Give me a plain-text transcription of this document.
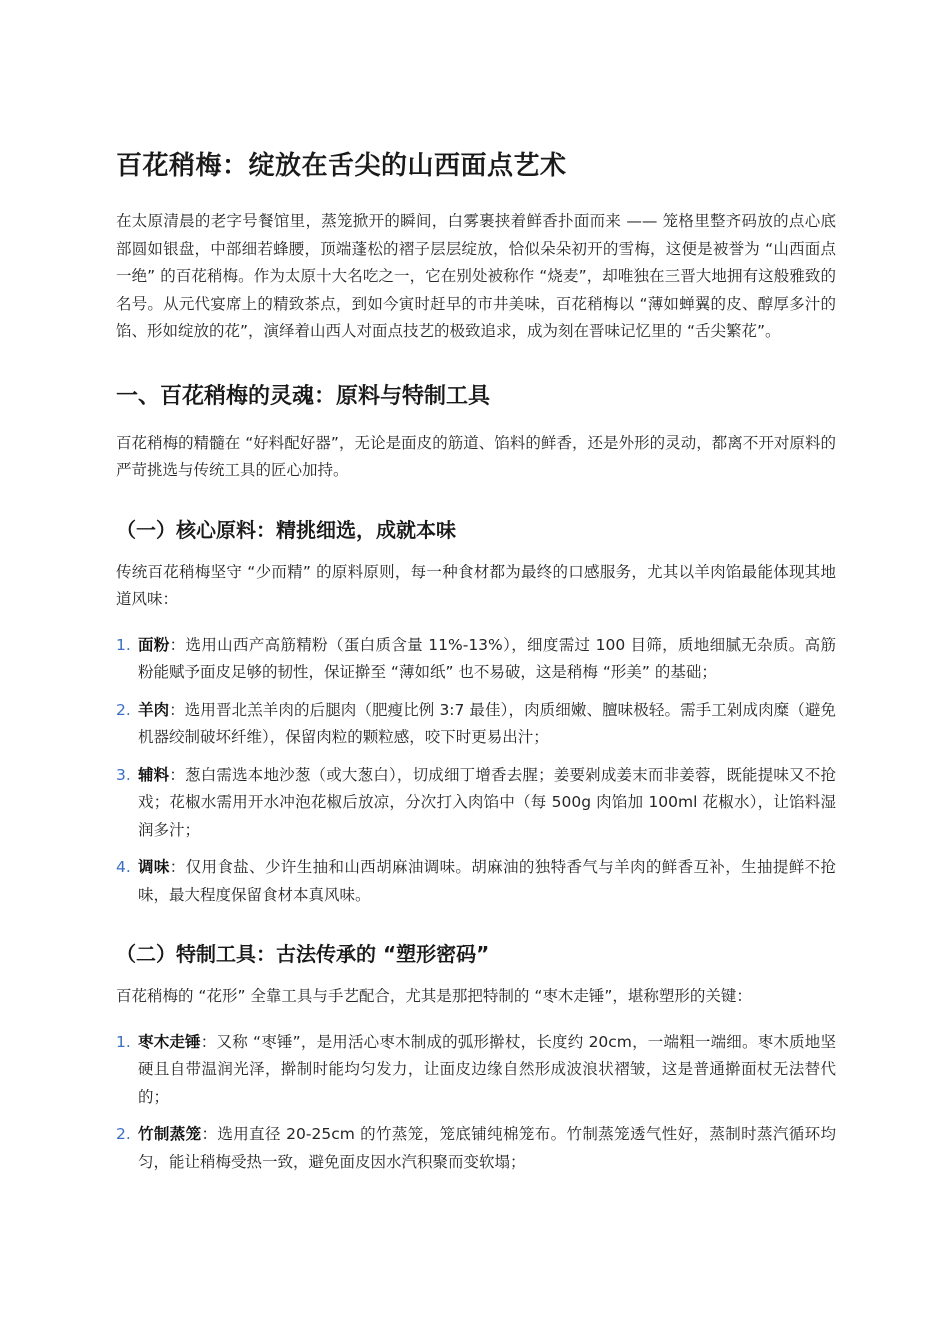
百花稍梅：绽放在舌尖的山西面点艺术

在太原清晨的老字号餐馆里，蒸笼掀开的瞬间，白雾裹挟着鲜香扑面而来 —— 笼格里整齐码放的点心底部圆如银盘，中部细若蜂腰，顶端蓬松的褶子层层绽放，恰似朵朵初开的雪梅，这便是被誉为 “山西面点一绝” 的百花稍梅。作为太原十大名吃之一，它在别处被称作 “烧麦”，却唯独在三晋大地拥有这般雅致的名号。从元代宴席上的精致茶点，到如今寅时赶早的市井美味，百花稍梅以 “薄如蝉翼的皮、醇厚多汁的馅、形如绽放的花”，演绎着山西人对面点技艺的极致追求，成为刻在晋味记忆里的 “舌尖繁花”。

一、百花稍梅的灵魂：原料与特制工具

百花稍梅的精髓在 “好料配好器”，无论是面皮的筋道、馅料的鲜香，还是外形的灵动，都离不开对原料的严苛挑选与传统工具的匠心加持。

（一）核心原料：精挑细选，成就本味

传统百花稍梅坚守 “少而精” 的原料原则，每一种食材都为最终的口感服务，尤其以羊肉馅最能体现其地道风味：

1. 面粉：选用山西产高筋精粉（蛋白质含量 11%-13%），细度需过 100 目筛，质地细腻无杂质。高筋粉能赋予面皮足够的韧性，保证擀至 “薄如纸” 也不易破，这是稍梅 “形美” 的基础；
2. 羊肉：选用晋北羔羊肉的后腿肉（肥瘦比例 3:7 最佳），肉质细嫩、膻味极轻。需手工剁成肉糜（避免机器绞制破坏纤维），保留肉粒的颗粒感，咬下时更易出汁；
3. 辅料：葱白需选本地沙葱（或大葱白），切成细丁增香去腥；姜要剁成姜末而非姜蓉，既能提味又不抢戏；花椒水需用开水冲泡花椒后放凉，分次打入肉馅中（每 500g 肉馅加 100ml 花椒水），让馅料湿润多汁；
4. 调味：仅用食盐、少许生抽和山西胡麻油调味。胡麻油的独特香气与羊肉的鲜香互补，生抽提鲜不抢味，最大程度保留食材本真风味。
（二）特制工具：古法传承的 “塑形密码”

百花稍梅的 “花形” 全靠工具与手艺配合，尤其是那把特制的 “枣木走锤”，堪称塑形的关键：

1. 枣木走锤：又称 “枣锤”，是用活心枣木制成的弧形擀杖，长度约 20cm，一端粗一端细。枣木质地坚硬且自带温润光泽，擀制时能均匀发力，让面皮边缘自然形成波浪状褶皱，这是普通擀面杖无法替代的；
2. 竹制蒸笼：选用直径 20-25cm 的竹蒸笼，笼底铺纯棉笼布。竹制蒸笼透气性好，蒸制时蒸汽循环均匀，能让稍梅受热一致，避免面皮因水汽积聚而变软塌；
